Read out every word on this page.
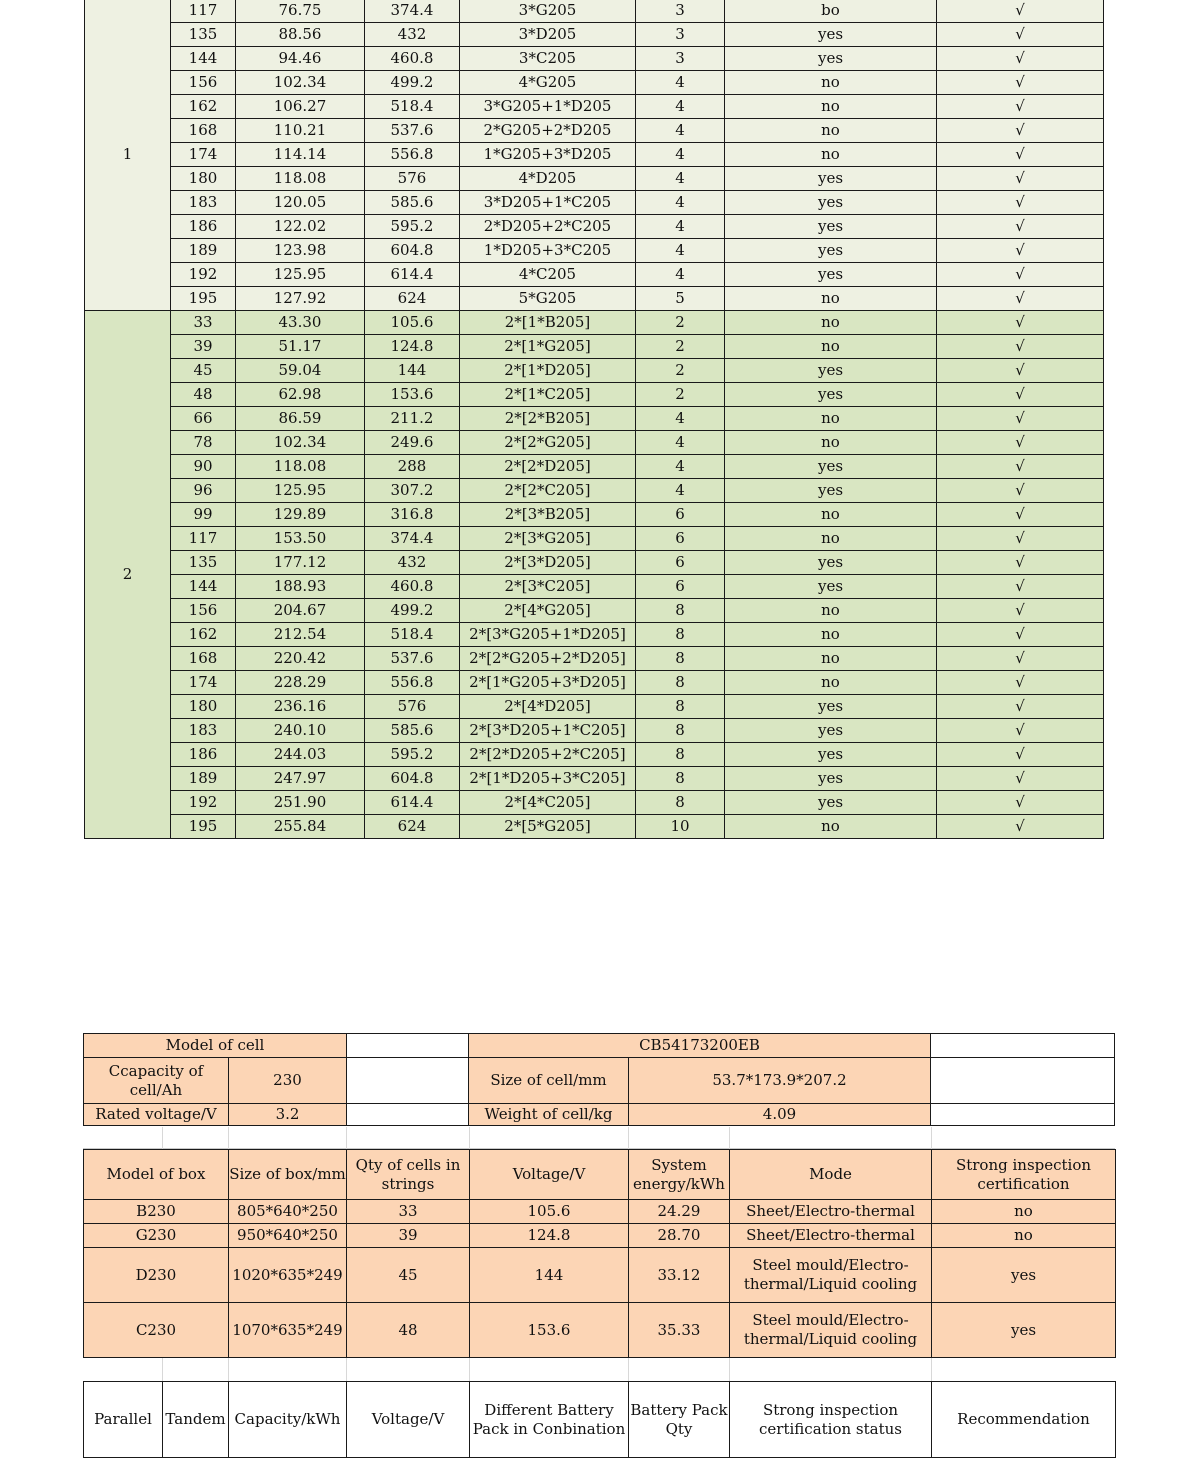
1	117	76.75	374.4	3*G205	3	bo	√
	135	88.56	432	3*D205	3	yes	√
	144	94.46	460.8	3*C205	3	yes	√
	156	102.34	499.2	4*G205	4	no	√
	162	106.27	518.4	3*G205+1*D205	4	no	√
	168	110.21	537.6	2*G205+2*D205	4	no	√
	174	114.14	556.8	1*G205+3*D205	4	no	√
	180	118.08	576	4*D205	4	yes	√
	183	120.05	585.6	3*D205+1*C205	4	yes	√
	186	122.02	595.2	2*D205+2*C205	4	yes	√
	189	123.98	604.8	1*D205+3*C205	4	yes	√
	192	125.95	614.4	4*C205	4	yes	√
	195	127.92	624	5*G205	5	no	√
2	33	43.30	105.6	2*[1*B205]	2	no	√
	39	51.17	124.8	2*[1*G205]	2	no	√
	45	59.04	144	2*[1*D205]	2	yes	√
	48	62.98	153.6	2*[1*C205]	2	yes	√
	66	86.59	211.2	2*[2*B205]	4	no	√
	78	102.34	249.6	2*[2*G205]	4	no	√
	90	118.08	288	2*[2*D205]	4	yes	√
	96	125.95	307.2	2*[2*C205]	4	yes	√
	99	129.89	316.8	2*[3*B205]	6	no	√
	117	153.50	374.4	2*[3*G205]	6	no	√
	135	177.12	432	2*[3*D205]	6	yes	√
	144	188.93	460.8	2*[3*C205]	6	yes	√
	156	204.67	499.2	2*[4*G205]	8	no	√
	162	212.54	518.4	2*[3*G205+1*D205]	8	no	√
	168	220.42	537.6	2*[2*G205+2*D205]	8	no	√
	174	228.29	556.8	2*[1*G205+3*D205]	8	no	√
	180	236.16	576	2*[4*D205]	8	yes	√
	183	240.10	585.6	2*[3*D205+1*C205]	8	yes	√
	186	244.03	595.2	2*[2*D205+2*C205]	8	yes	√
	189	247.97	604.8	2*[1*D205+3*C205]	8	yes	√
	192	251.90	614.4	2*[4*C205]	8	yes	√
	195	255.84	624	2*[5*G205]	10	no	√
Model of cell			CB54173200EB		
Ccapacity of cell/Ah	230		Size of cell/mm	53.7*173.9*207.2	
Rated voltage/V	3.2		Weight of cell/kg	4.09	
Model of box	Size of box/mm	Qty of cells in strings	Voltage/V	System energy/kWh	Mode	Strong inspection certification
B230	805*640*250	33	105.6	24.29	Sheet/Electro-thermal	no
G230	950*640*250	39	124.8	28.70	Sheet/Electro-thermal	no
D230	1020*635*249	45	144	33.12	Steel mould/Electro-thermal/Liquid cooling	yes
C230	1070*635*249	48	153.6	35.33	Steel mould/Electro-thermal/Liquid cooling	yes
Parallel	Tandem	Capacity/kWh	Voltage/V	Different Battery Pack in Conbination	Battery Pack Qty	Strong inspection certification status	Recommendation
